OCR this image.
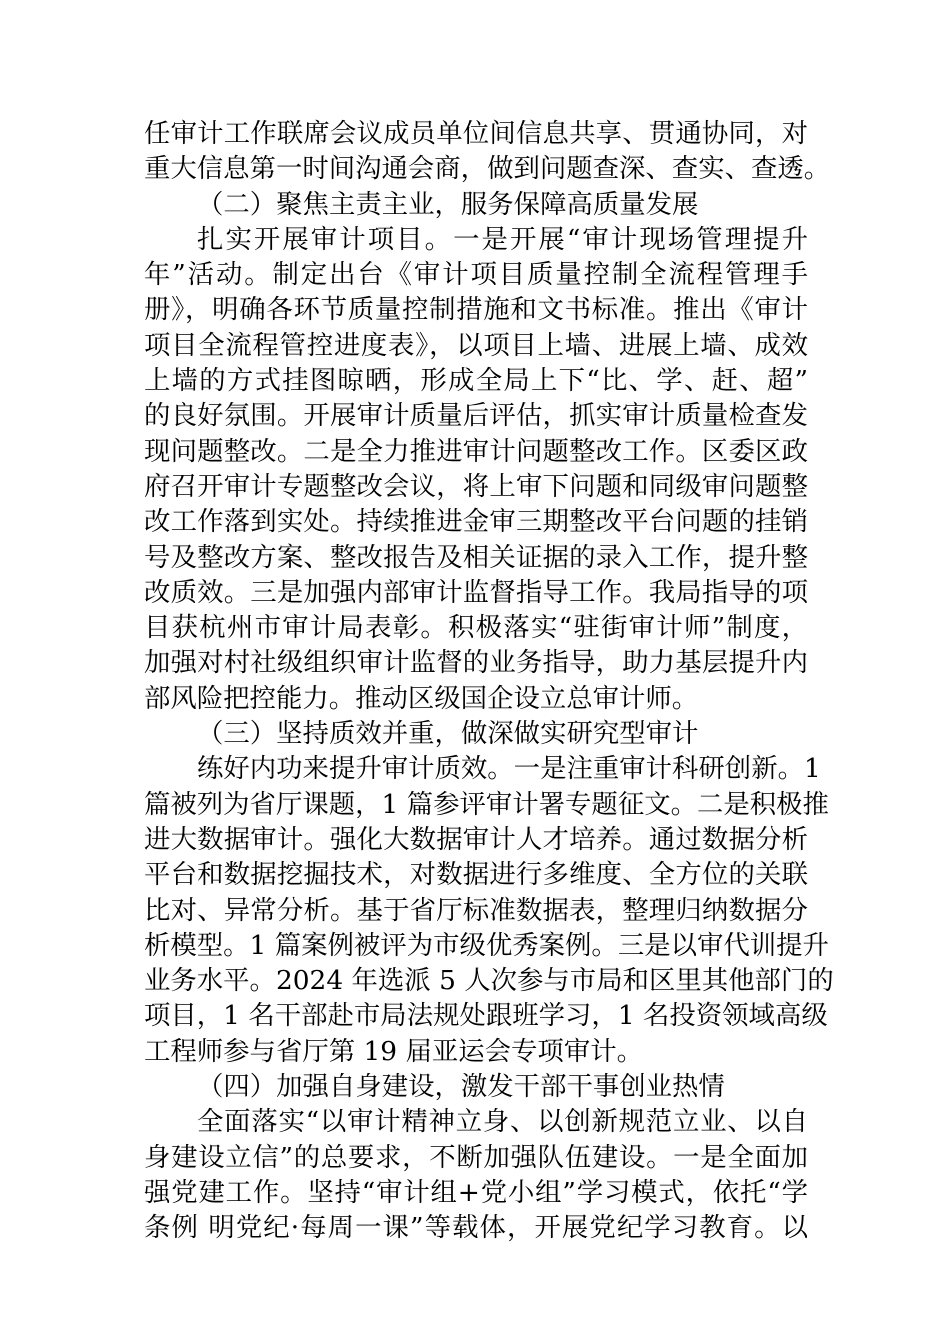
任审计工作联席会议成员单位间信息共享、贯通协同，对
重大信息第一时间沟通会商，做到问题查深、查实、查透。
（二）聚焦主责主业，服务保障高质量发展
扎实开展审计项目。一是开展“审计现场管理提升
年”活动。制定出台《审计项目质量控制全流程管理手
册》，明确各环节质量控制措施和文书标准。推出《审计
项目全流程管控进度表》，以项目上墙、进展上墙、成效
上墙的方式挂图晾晒，形成全局上下“比、学、赶、超”
的良好氛围。开展审计质量后评估，抓实审计质量检查发
现问题整改。二是全力推进审计问题整改工作。区委区政
府召开审计专题整改会议，将上审下问题和同级审问题整
改工作落到实处。持续推进金审三期整改平台问题的挂销
号及整改方案、整改报告及相关证据的录入工作，提升整
改质效。三是加强内部审计监督指导工作。我局指导的项
目获杭州市审计局表彰。积极落实“驻街审计师”制度，
加强对村社级组织审计监督的业务指导，助力基层提升内
部风险把控能力。推动区级国企设立总审计师。
（三）坚持质效并重，做深做实研究型审计
练好内功来提升审计质效。一是注重审计科研创新。1
篇被列为省厅课题，1 篇参评审计署专题征文。二是积极推
进大数据审计。强化大数据审计人才培养。通过数据分析
平台和数据挖掘技术，对数据进行多维度、全方位的关联
比对、异常分析。基于省厅标准数据表，整理归纳数据分
析模型。1 篇案例被评为市级优秀案例。三是以审代训提升
业务水平。2024 年选派 5 人次参与市局和区里其他部门的
项目，1 名干部赴市局法规处跟班学习，1 名投资领域高级
工程师参与省厅第 19 届亚运会专项审计。
（四）加强自身建设，激发干部干事创业热情
全面落实“以审计精神立身、以创新规范立业、以自
身建设立信”的总要求，不断加强队伍建设。一是全面加
强党建工作。坚持“审计组+党小组”学习模式，依托“学
条例 明党纪·每周一课”等载体，开展党纪学习教育。以
